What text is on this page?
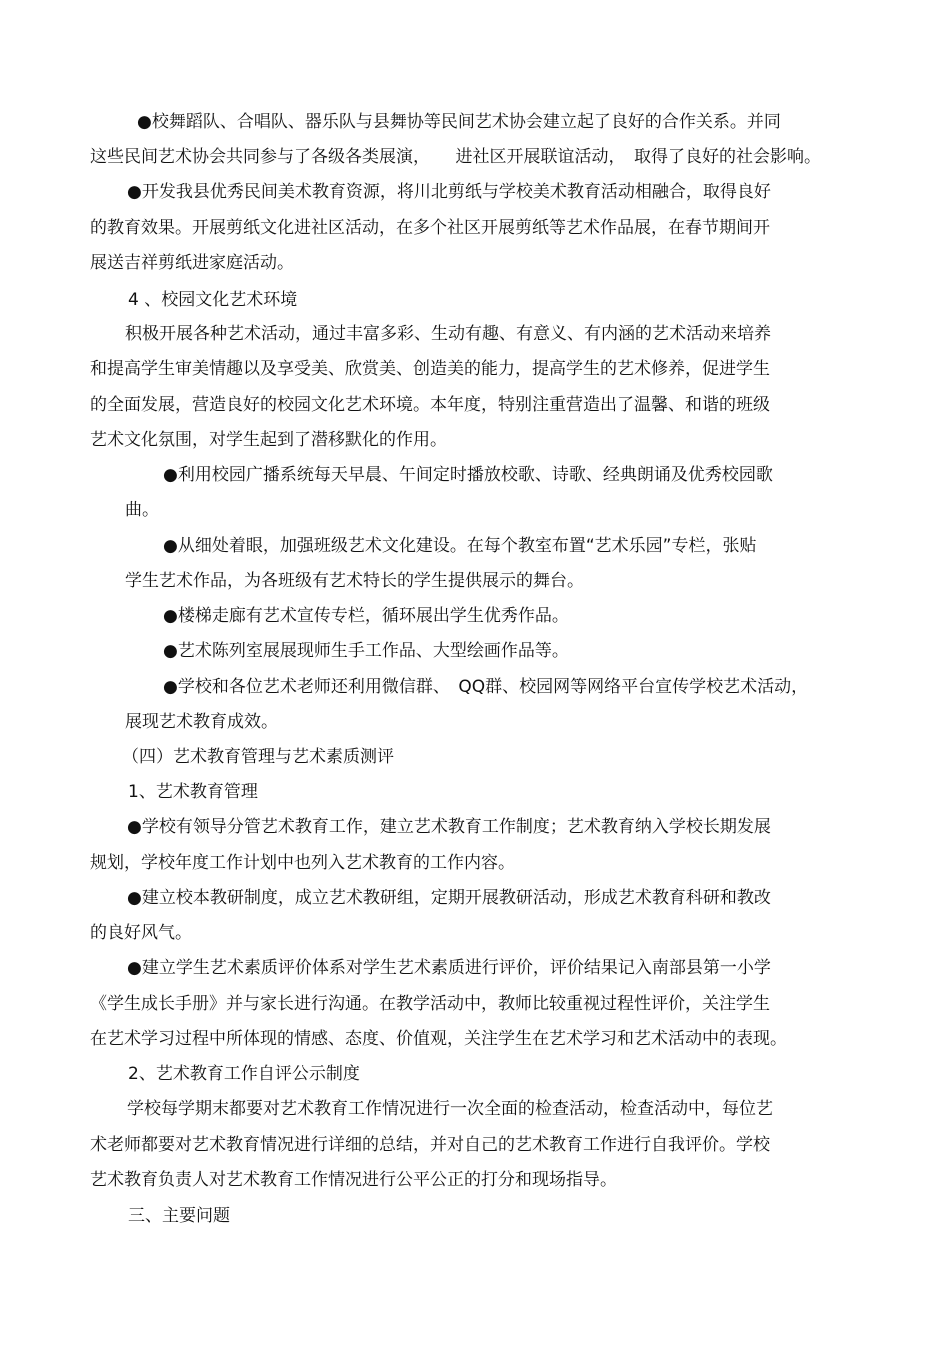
●校舞蹈队、合唱队、器乐队与县舞协等民间艺术协会建立起了良好的合作关系。并同
这些民间艺术协会共同参与了各级各类展演，　　进社区开展联谊活动，　取得了良好的社会影响。
●开发我县优秀民间美术教育资源，将川北剪纸与学校美术教育活动相融合，取得良好
的教育效果。开展剪纸文化进社区活动，在多个社区开展剪纸等艺术作品展，在春节期间开
展送吉祥剪纸进家庭活动。
4 、校园文化艺术环境
积极开展各种艺术活动，通过丰富多彩、生动有趣、有意义、有内涵的艺术活动来培养
和提高学生审美情趣以及享受美、欣赏美、创造美的能力，提高学生的艺术修养，促进学生
的全面发展，营造良好的校园文化艺术环境。本年度，特别注重营造出了温馨、和谐的班级
艺术文化氛围，对学生起到了潜移默化的作用。
●利用校园广播系统每天早晨、午间定时播放校歌、诗歌、经典朗诵及优秀校园歌
曲。
●从细处着眼，加强班级艺术文化建设。在每个教室布置“艺术乐园”专栏，张贴
学生艺术作品，为各班级有艺术特长的学生提供展示的舞台。
●楼梯走廊有艺术宣传专栏，循环展出学生优秀作品。
●艺术陈列室展展现师生手工作品、大型绘画作品等。
●学校和各位艺术老师还利用微信群、　QQ群、校园网等网络平台宣传学校艺术活动，
展现艺术教育成效。
（四）艺术教育管理与艺术素质测评
1、艺术教育管理
●学校有领导分管艺术教育工作，建立艺术教育工作制度；艺术教育纳入学校长期发展
规划，学校年度工作计划中也列入艺术教育的工作内容。
●建立校本教研制度，成立艺术教研组，定期开展教研活动，形成艺术教育科研和教改
的良好风气。
●建立学生艺术素质评价体系对学生艺术素质进行评价，评价结果记入南部县第一小学
《学生成长手册》并与家长进行沟通。在教学活动中，教师比较重视过程性评价，关注学生
在艺术学习过程中所体现的情感、态度、价值观，关注学生在艺术学习和艺术活动中的表现。
2、艺术教育工作自评公示制度
学校每学期末都要对艺术教育工作情况进行一次全面的检查活动，检查活动中，每位艺
术老师都要对艺术教育情况进行详细的总结，并对自己的艺术教育工作进行自我评价。学校
艺术教育负责人对艺术教育工作情况进行公平公正的打分和现场指导。
三、主要问题
